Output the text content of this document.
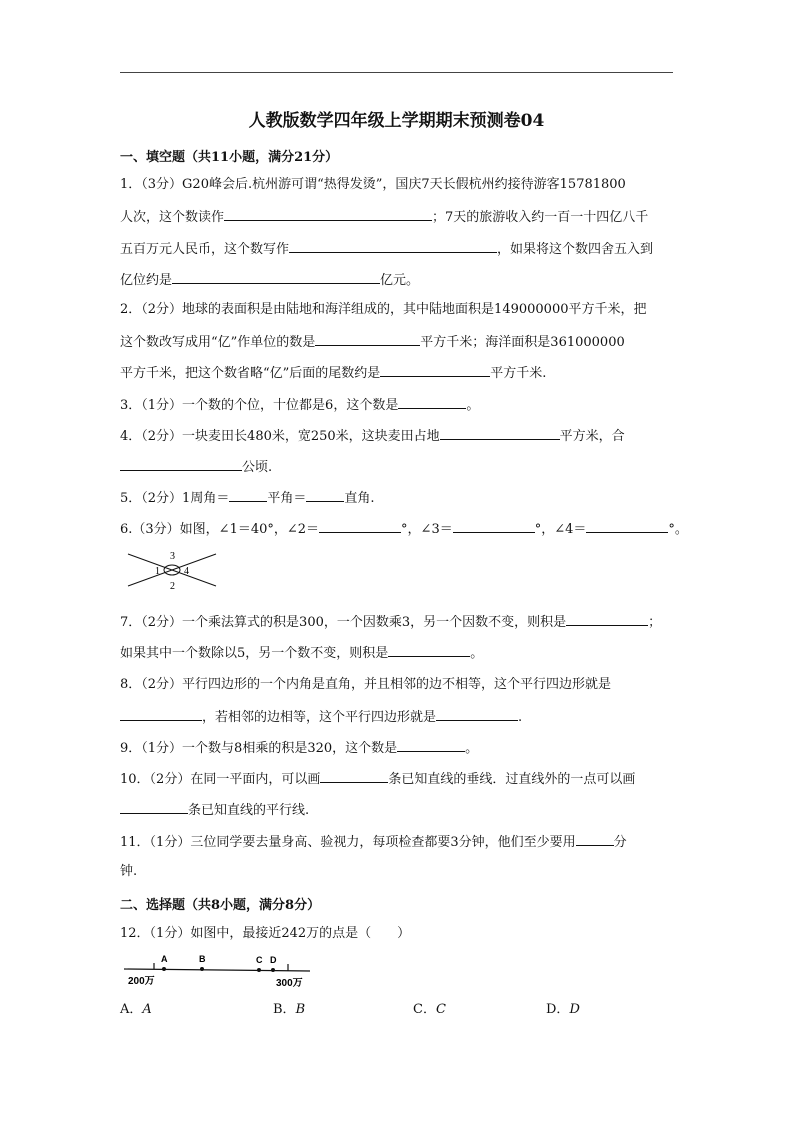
人教版数学四年级上学期期末预测卷04
一、填空题（共11小题，满分21分）
1．（3分）G20峰会后.杭州游可谓“热得发烫”，国庆7天长假杭州约接待游客15781800
人次，这个数读作	；7天的旅游收入约一百一十四亿八千
五百万元人民币，这个数写作	，如果将这个数四舍五入到
亿位约是	亿元。
2．（2分）地球的表面积是由陆地和海洋组成的，其中陆地面积是149000000平方千米，把
这个数改写成用“亿”作单位的数是	平方千米；海洋面积是361000000
平方千米，把这个数省略“亿”后面的尾数约是	平方千米.
3．（1分）一个数的个位，十位都是6，这个数是	。
4．（2分）一块麦田长480米，宽250米，这块麦田占地	平方米，合
公顷.
5．（2分）1周角＝	平角＝	直角.
6.（3分）如图，∠1＝40°，∠2＝	°，∠3＝	°，∠4＝	°。
1
2
3
4
7．（2分）一个乘法算式的积是300，一个因数乘3，另一个因数不变，则积是	；
如果其中一个数除以5，另一个数不变，则积是	。
8．（2分）平行四边形的一个内角是直角，并且相邻的边不相等，这个平行四边形就是
，若相邻的边相等，这个平行四边形就是	.
9．（1分）一个数与8相乘的积是320，这个数是	。
10．（2分）在同一平面内，可以画	条已知直线的垂线．过直线外的一点可以画
条已知直线的平行线.
11．（1分）三位同学要去量身高、验视力，每项检查都要3分钟，他们至少要用	分
钟.
二、选择题（共8小题，满分8分）
12．（1分）如图中，最接近242万的点是（　　）
A	B	C D
200万	300万
A．A	B．B	C．C	D．D
